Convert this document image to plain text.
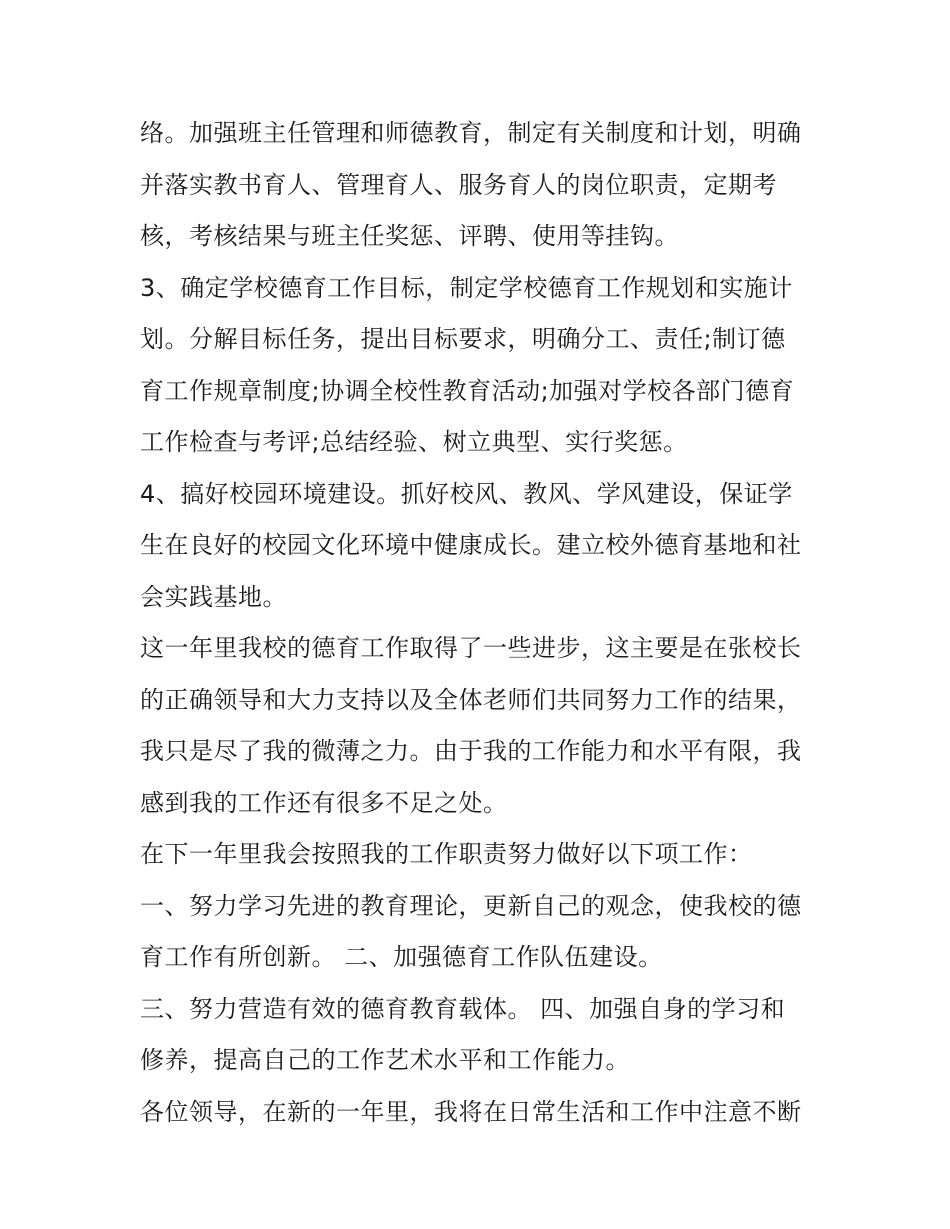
络。加强班主任管理和师德教育，制定有关制度和计划，明确
并落实教书育人、管理育人、服务育人的岗位职责，定期考
核，考核结果与班主任奖惩、评聘、使用等挂钩。
3、确定学校德育工作目标，制定学校德育工作规划和实施计
划。分解目标任务，提出目标要求，明确分工、责任;制订德
育工作规章制度;协调全校性教育活动;加强对学校各部门德育
工作检查与考评;总结经验、树立典型、实行奖惩。
4、搞好校园环境建设。抓好校风、教风、学风建设，保证学
生在良好的校园文化环境中健康成长。建立校外德育基地和社
会实践基地。
这一年里我校的德育工作取得了一些进步，这主要是在张校长
的正确领导和大力支持以及全体老师们共同努力工作的结果，
我只是尽了我的微薄之力。由于我的工作能力和水平有限，我
感到我的工作还有很多不足之处。
在下一年里我会按照我的工作职责努力做好以下项工作：
一、努力学习先进的教育理论，更新自己的观念，使我校的德
育工作有所创新。 二、加强德育工作队伍建设。
三、努力营造有效的德育教育载体。 四、加强自身的学习和
修养，提高自己的工作艺术水平和工作能力。
各位领导，在新的一年里，我将在日常生活和工作中注意不断
